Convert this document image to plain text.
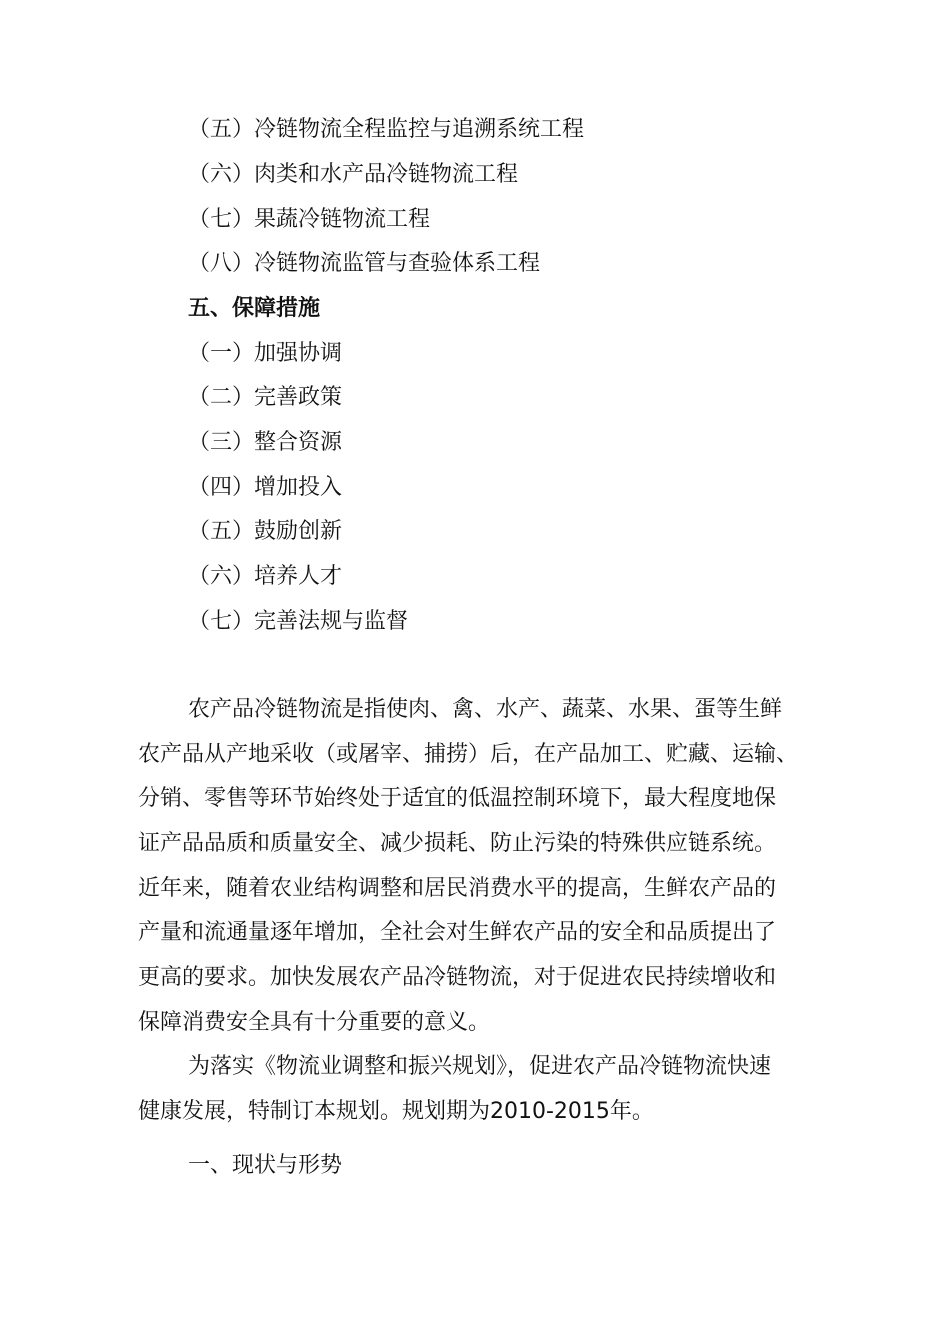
（五）冷链物流全程监控与追溯系统工程
（六）肉类和水产品冷链物流工程
（七）果蔬冷链物流工程
（八）冷链物流监管与查验体系工程
五、保障措施
（一）加强协调
（二）完善政策
（三）整合资源
（四）增加投入
（五）鼓励创新
（六）培养人才
（七）完善法规与监督
农产品冷链物流是指使肉、禽、水产、蔬菜、水果、蛋等生鲜
农产品从产地采收（或屠宰、捕捞）后，在产品加工、贮藏、运输、
分销、零售等环节始终处于适宜的低温控制环境下，最大程度地保
证产品品质和质量安全、减少损耗、防止污染的特殊供应链系统。
近年来，随着农业结构调整和居民消费水平的提高，生鲜农产品的
产量和流通量逐年增加，全社会对生鲜农产品的安全和品质提出了
更高的要求。加快发展农产品冷链物流，对于促进农民持续增收和
保障消费安全具有十分重要的意义。
为落实《物流业调整和振兴规划》，促进农产品冷链物流快速
健康发展，特制订本规划。规划期为2010-2015年。
一、现状与形势
